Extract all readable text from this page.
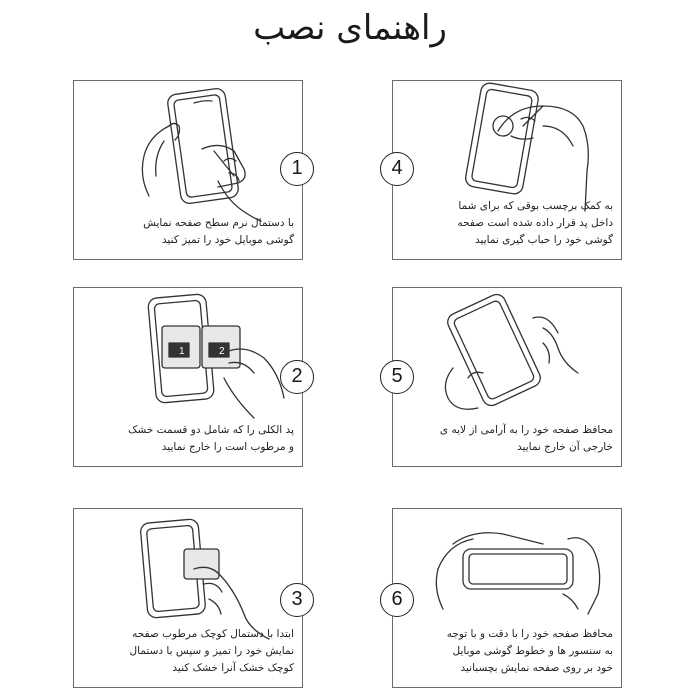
راهنمای نصب
با دستمال نرم سطح صفحه نمایش
گوشی موبایل خود را تمیز کنید
1
به کمک برچسب بوقی که برای شما
داخل پد قرار داده شده است صفحه
گوشی خود را حباب گیری نمایید
4
1	2
پد الکلی را که شامل دو قسمت خشک
و مرطوب است را خارج نمایید
2
محافظ صفحه خود را به آرامی از لایه ی
خارجی آن خارج نمایید
5
ابتدا با دستمال کوچک مرطوب صفحه
نمایش خود را تمیز و سپس با دستمال
کوچک خشک آنرا خشک کنید
3
محافظ صفحه خود را با دقت و با توجه
به سنسور ها و خطوط گوشی موبایل
خود بر روی صفحه نمایش بچسبانید
6
